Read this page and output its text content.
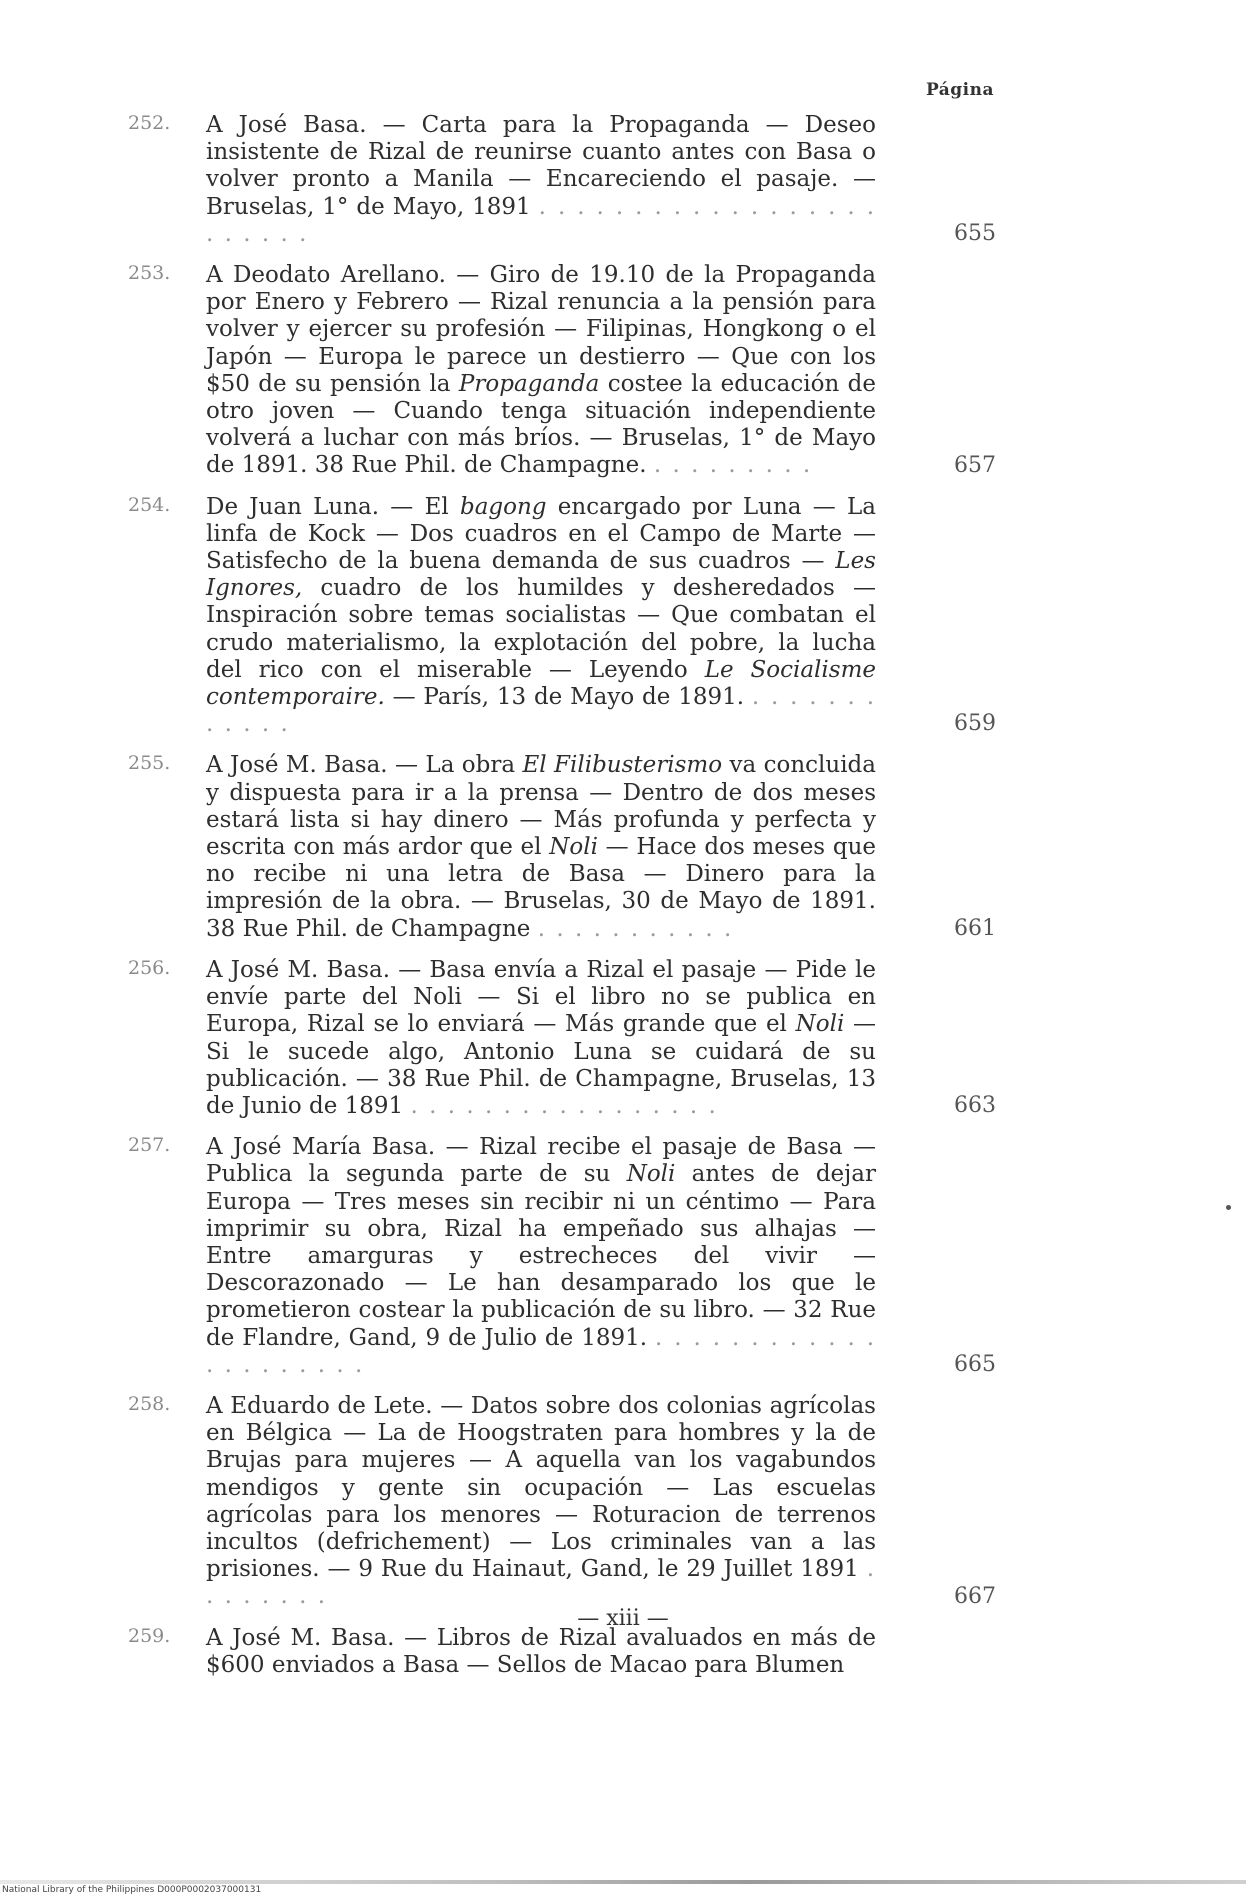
Página
252.	A José Basa. — Carta para la Propaganda — Deseo insistente de Rizal de reunirse cuanto antes con Basa o volver pronto a Manila — Encareciendo el pasaje. — Bruselas, 1° de Mayo, 1891 . . . . . . . . . . . . . . . . . . . . . . . .	655
253.	A Deodato Arellano. — Giro de 19.10 de la Propaganda por Enero y Febrero — Rizal renuncia a la pensión para volver y ejercer su profesión — Filipinas, Hongkong o el Japón — Europa le parece un destierro — Que con los $50 de su pensión la Propaganda costee la educación de otro joven — Cuando tenga situación independiente volverá a luchar con más bríos. — Bruselas, 1° de Mayo de 1891. 38 Rue Phil. de Champagne. . . . . . . . . .	657
254.	De Juan Luna. — El bagong encargado por Luna — La linfa de Kock — Dos cuadros en el Campo de Marte — Satisfecho de la buena demanda de sus cuadros — Les Ignores, cuadro de los humildes y desheredados — Inspiración sobre temas socialistas — Que combatan el crudo materialismo, la explotación del pobre, la lucha del rico con el miserable — Leyendo Le Socialisme contemporaire. — París, 13 de Mayo de 1891. . . . . . . . . . . . .	659
255.	A José M. Basa. — La obra El Filibusterismo va concluida y dispuesta para ir a la prensa — Dentro de dos meses estará lista si hay dinero — Más profunda y perfecta y escrita con más ardor que el Noli — Hace dos meses que no recibe ni una letra de Basa — Dinero para la impresión de la obra. — Bruselas, 30 de Mayo de 1891. 38 Rue Phil. de Champagne . . . . . . . . . . .	661
256.	A José M. Basa. — Basa envía a Rizal el pasaje — Pide le envíe parte del Noli — Si el libro no se publica en Europa, Rizal se lo enviará — Más grande que el Noli — Si le sucede algo, Antonio Luna se cuidará de su publicación. — 38 Rue Phil. de Champagne, Bruselas, 13 de Junio de 1891 . . . . . . . . . . . . . . . . .	663
257.	A José María Basa. — Rizal recibe el pasaje de Basa — Publica la segunda parte de su Noli antes de dejar Europa — Tres meses sin recibir ni un céntimo — Para imprimir su obra, Rizal ha empeñado sus alhajas — Entre amarguras y estrecheces del vivir — Descorazonado — Le han desamparado los que le prometieron costear la publicación de su libro. — 32 Rue de Flandre, Gand, 9 de Julio de 1891. . . . . . . . . . . . . . . . . . . . . .	665
258.	A Eduardo de Lete. — Datos sobre dos colonias agrícolas en Bélgica — La de Hoogstraten para hombres y la de Brujas para mujeres — A aquella van los vagabundos mendigos y gente sin ocupación — Las escuelas agrícolas para los menores — Roturacion de terrenos incultos (defrichement) — Los criminales van a las prisiones. — 9 Rue du Hainaut, Gand, le 29 Juillet 1891 . . . . . . . .	667
259.	A José M. Basa. — Libros de Rizal avaluados en más de $600 enviados a Basa — Sellos de Macao para Blumen
— xiii —
National Library of the Philippines D000P0002037000131
